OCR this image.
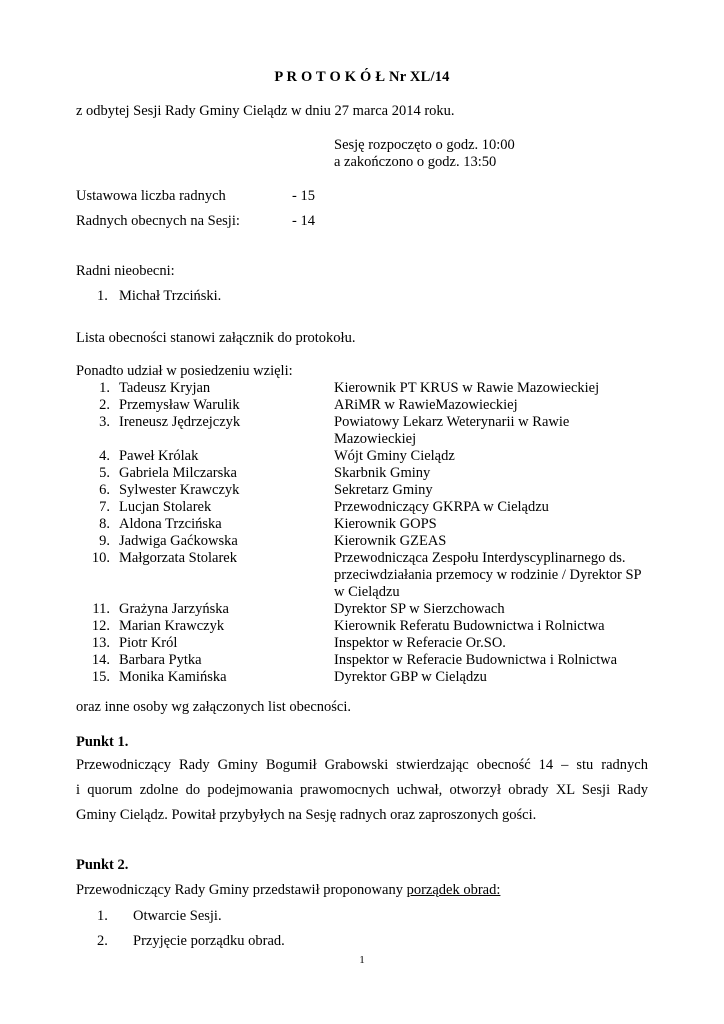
P R O T O K Ó Ł Nr XL/14
z odbytej Sesji Rady Gminy Cielądz w dniu 27 marca 2014 roku.
Sesję rozpoczęto o godz. 10:00
a zakończono o godz. 13:50
Ustawowa liczba radnych	- 15
Radnych obecnych na Sesji:	- 14
Radni nieobecni:
1. Michał Trzciński.
Lista obecności stanowi załącznik do protokołu.
Ponadto udział w posiedzeniu wzięli:
1. Tadeusz Kryjan	Kierownik PT KRUS w Rawie Mazowieckiej
2. Przemysław Warulik	ARiMR w RawieMazowieckiej
3. Ireneusz Jędrzejczyk	Powiatowy Lekarz Weterynarii w Rawie
Mazowieckiej
4. Paweł Królak	Wójt Gminy Cielądz
5. Gabriela Milczarska	Skarbnik Gminy
6. Sylwester Krawczyk	Sekretarz Gminy
7. Lucjan Stolarek	Przewodniczący GKRPA w Cielądzu
8. Aldona Trzcińska	Kierownik GOPS
9. Jadwiga Gaćkowska	Kierownik GZEAS
10. Małgorzata Stolarek	Przewodnicząca Zespołu Interdyscyplinarnego ds.
przeciwdziałania przemocy w rodzinie / Dyrektor SP
w Cielądzu
11. Grażyna Jarzyńska	Dyrektor SP w Sierzchowach
12. Marian Krawczyk	Kierownik Referatu Budownictwa i Rolnictwa
13. Piotr Król	Inspektor w Referacie Or.SO.
14. Barbara Pytka	Inspektor w Referacie Budownictwa i Rolnictwa
15. Monika Kamińska	Dyrektor GBP w Cielądzu
oraz inne osoby wg załączonych list obecności.
Punkt 1.
Przewodniczący Rady Gminy Bogumił Grabowski stwierdzając obecność 14 – stu radnych
i quorum zdolne do podejmowania prawomocnych uchwał, otworzył obrady XL Sesji Rady
Gminy Cielądz. Powitał przybyłych na Sesję radnych oraz zaproszonych gości.
Punkt 2.
Przewodniczący Rady Gminy przedstawił proponowany porządek obrad:
1. Otwarcie Sesji.
2. Przyjęcie porządku obrad.
1
